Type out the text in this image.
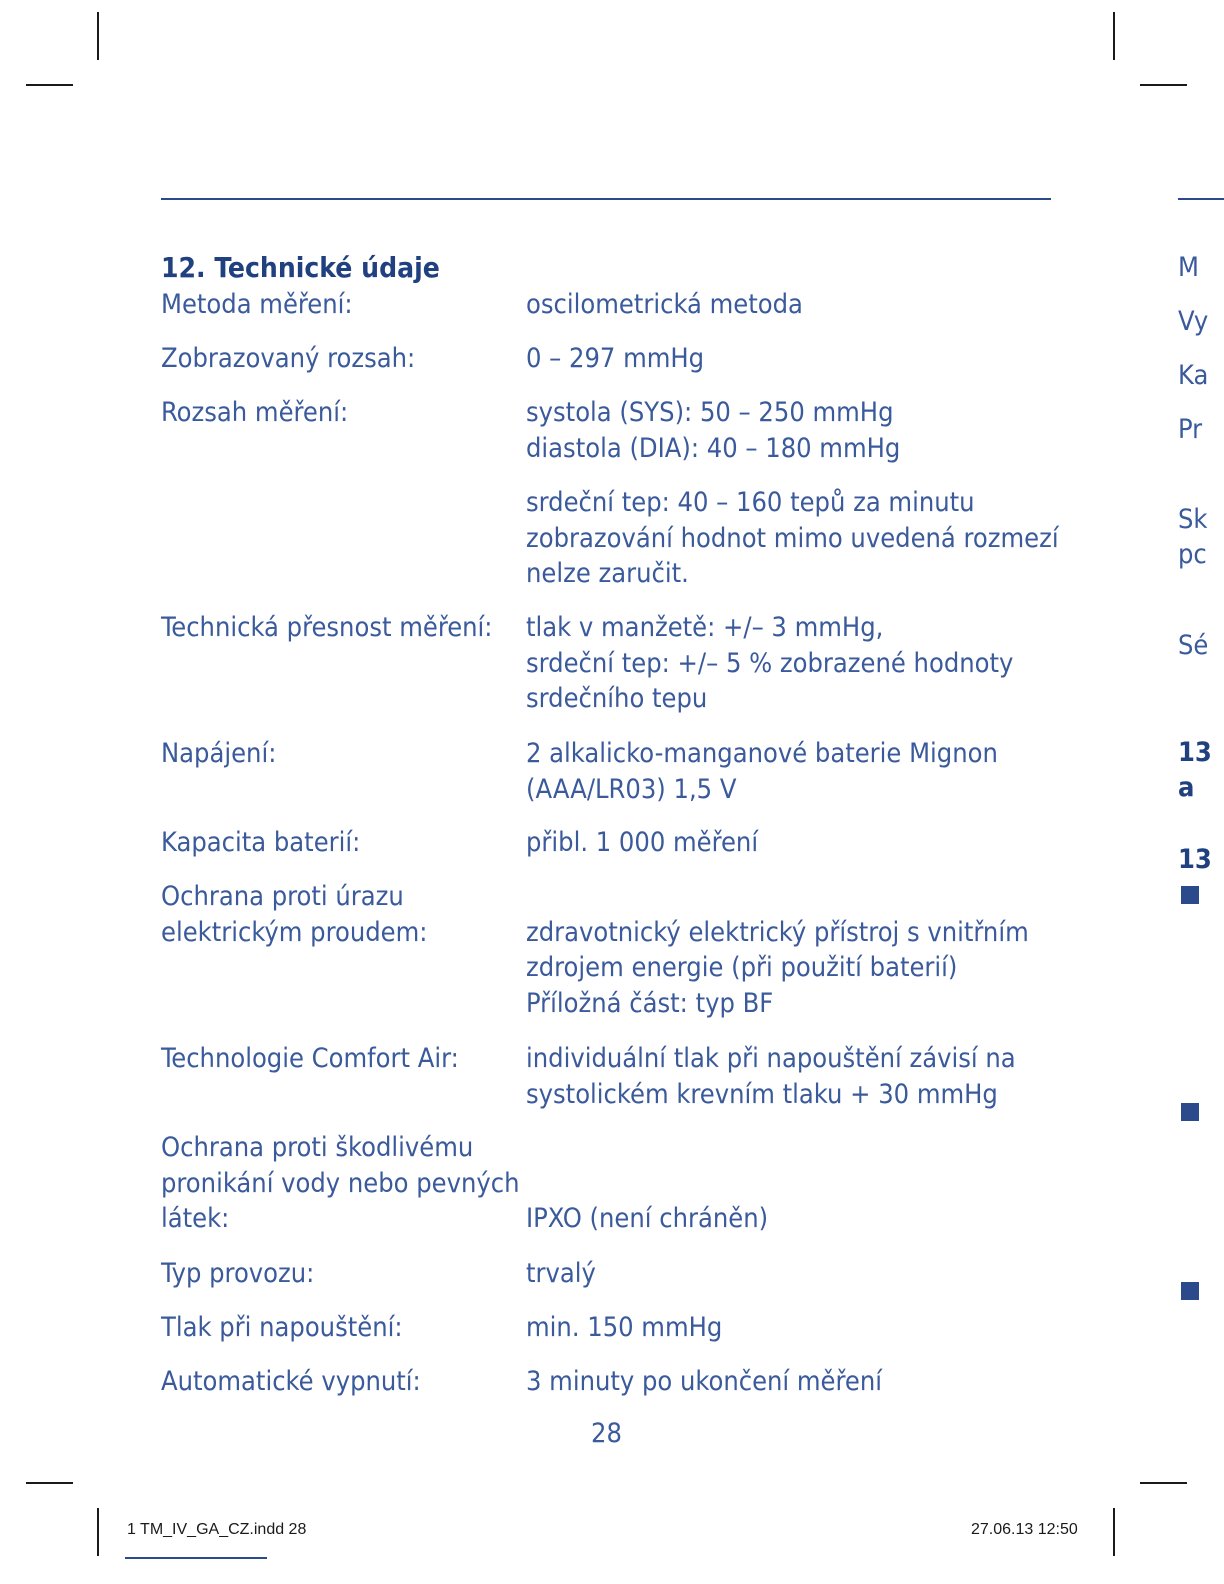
12. Technické údaje
Metoda měření:	oscilometrická metoda
Zobrazovaný rozsah:	0 – 297 mmHg
Rozsah měření:	systola (SYS): 50 – 250 mmHg
diastola (DIA): 40 – 180 mmHg
srdeční tep: 40 – 160 tepů za minutu
zobrazování hodnot mimo uvedená rozmezí
nelze zaručit.
Technická přesnost měření:	tlak v manžetě: +/– 3 mmHg,
srdeční tep: +/– 5 % zobrazené hodnoty
srdečního tepu
Napájení:	2 alkalicko-manganové baterie Mignon
(AAA/LR03) 1,5 V
Kapacita baterií:	přibl. 1 000 měření
Ochrana proti úrazu
elektrickým proudem:	zdravotnický elektrický přístroj s vnitřním
zdrojem energie (při použití baterií)
Příložná část: typ BF
Technologie Comfort Air:	individuální tlak při napouštění závisí na
systolickém krevním tlaku + 30 mmHg
Ochrana proti škodlivému
pronikání vody nebo pevných
látek:	IPXO (není chráněn)
Typ provozu:	trvalý
Tlak při napouštění:	min. 150 mmHg
Automatické vypnutí:	3 minuty po ukončení měření
28
M
Vy
Ka
Pr
Sk
pc
Sé
13
a
13
1 TM_IV_GA_CZ.indd 28	27.06.13 12:50
